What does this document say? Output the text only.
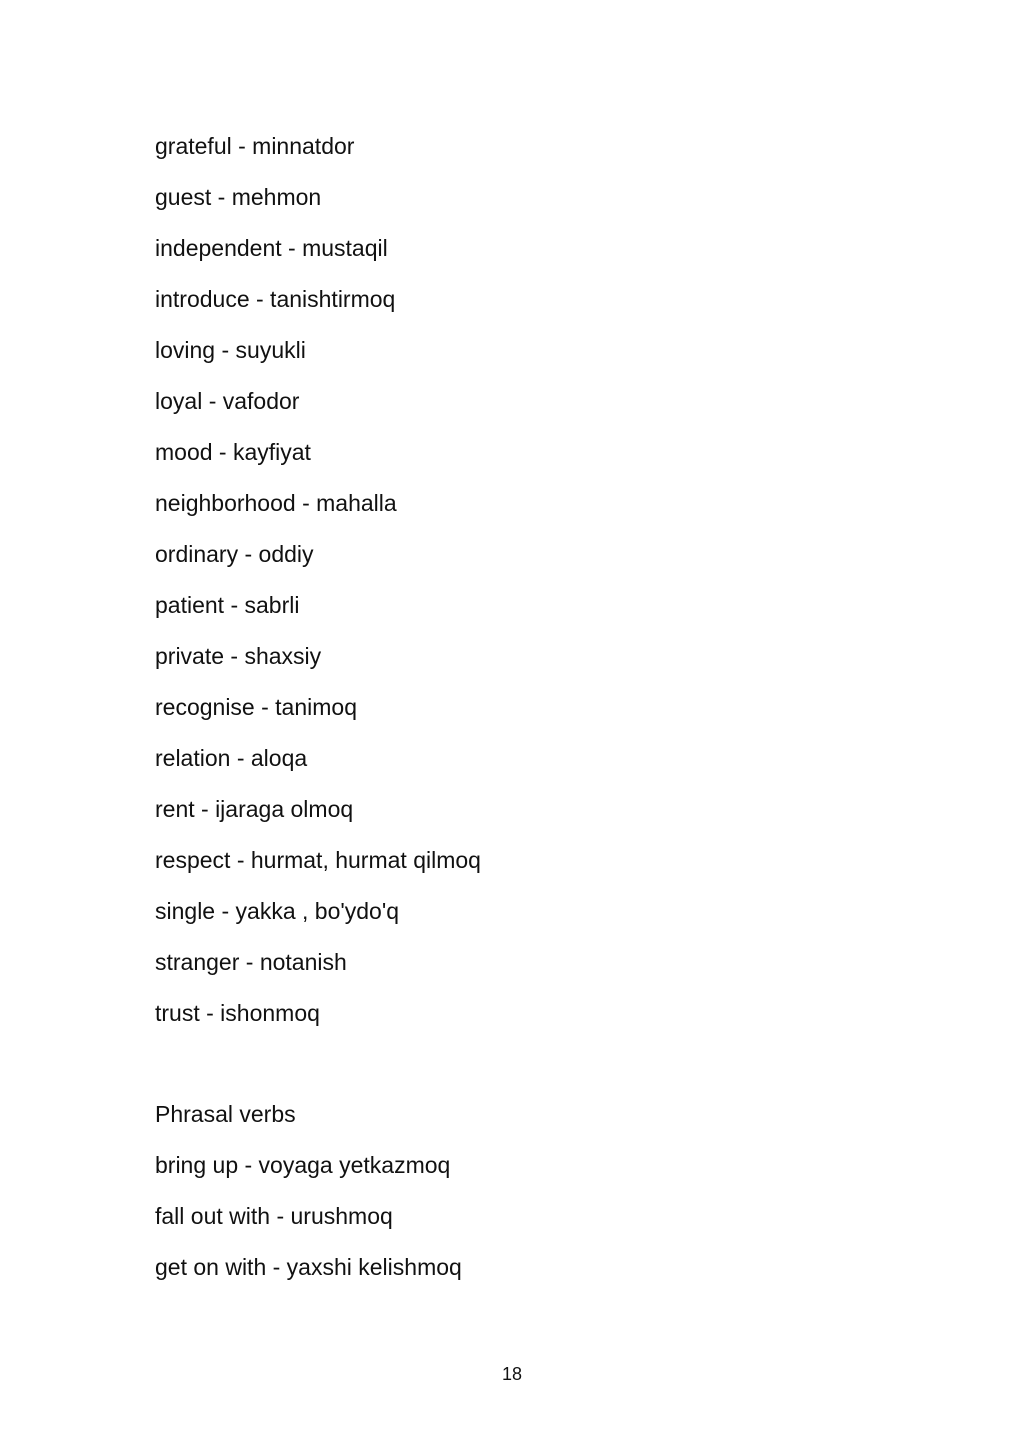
grateful - minnatdor
guest - mehmon
independent - mustaqil
introduce - tanishtirmoq
loving - suyukli
loyal - vafodor
mood - kayfiyat
neighborhood - mahalla
ordinary - oddiy
patient - sabrli
private - shaxsiy
recognise - tanimoq
relation - aloqa
rent - ijaraga olmoq
respect - hurmat, hurmat qilmoq
single - yakka , bo'ydo'q
stranger - notanish
trust - ishonmoq
Phrasal verbs
bring up - voyaga yetkazmoq
fall out with - urushmoq
get on with - yaxshi kelishmoq
18
